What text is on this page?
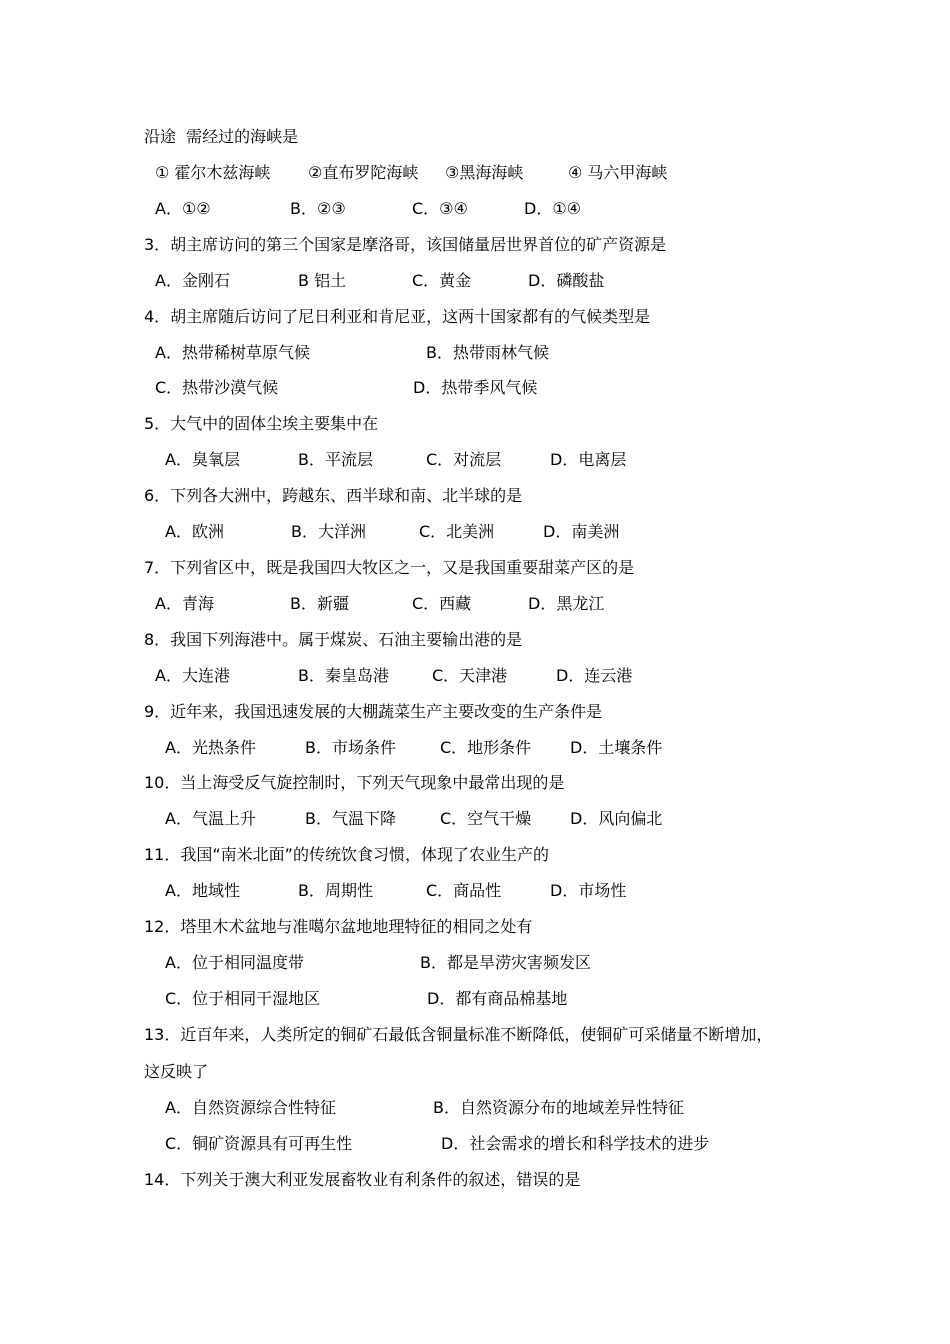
沿途  需经过的海峡是
① 霍尔木兹海峡 ②直布罗陀海峡 ③黑海海峡	④ 马六甲海峡
A．①②	B．②③	C．③④	D．①④
3．胡主席访问的第三个国家是摩洛哥，该国储量居世界首位的矿产资源是
A．金刚石	B 铝土	C．黄金	D．磷酸盐
4．胡主席随后访问了尼日利亚和肯尼亚，这两十国家都有的气候类型是
A．热带稀树草原气候	B．热带雨林气候
C．热带沙漠气候	D．热带季风气候
5．大气中的固体尘埃主要集中在
A．臭氧层	B．平流层	C．对流层	D．电离层
6．下列各大洲中，跨越东、西半球和南、北半球的是
A．欧洲	B．大洋洲	C．北美洲	D．南美洲
7．下列省区中，既是我国四大牧区之一，又是我国重要甜菜产区的是
A．青海	B．新疆	C．西藏	D．黑龙江
8．我国下列海港中。属于煤炭、石油主要输出港的是
A．大连港	B．秦皇岛港	C．天津港	D．连云港
9．近年来，我国迅速发展的大棚蔬菜生产主要改变的生产条件是
A．光热条件	B．市场条件	C．地形条件 D．土壤条件
10．当上海受反气旋控制时，下列天气现象中最常出现的是
A．气温上升	B．气温下降	C．空气干燥 D．风向偏北
11．我国“南米北面”的传统饮食习惯，体现了农业生产的
A．地域性	B．周期性	C．商品性	D．市场性
12．塔里木术盆地与准噶尔盆地地理特征的相同之处有
A．位于相同温度带	B．都是旱涝灾害频发区
C．位于相同干湿地区	D．都有商品棉基地
13．近百年来，人类所定的铜矿石最低含铜量标准不断降低，使铜矿可采储量不断增加，
这反映了
A．自然资源综合性特征	B．自然资源分布的地域差异性特征
C．铜矿资源具有可再生性	D．社会需求的增长和科学技术的进步
14．下列关于澳大利亚发展畜牧业有利条件的叙述，错误的是
